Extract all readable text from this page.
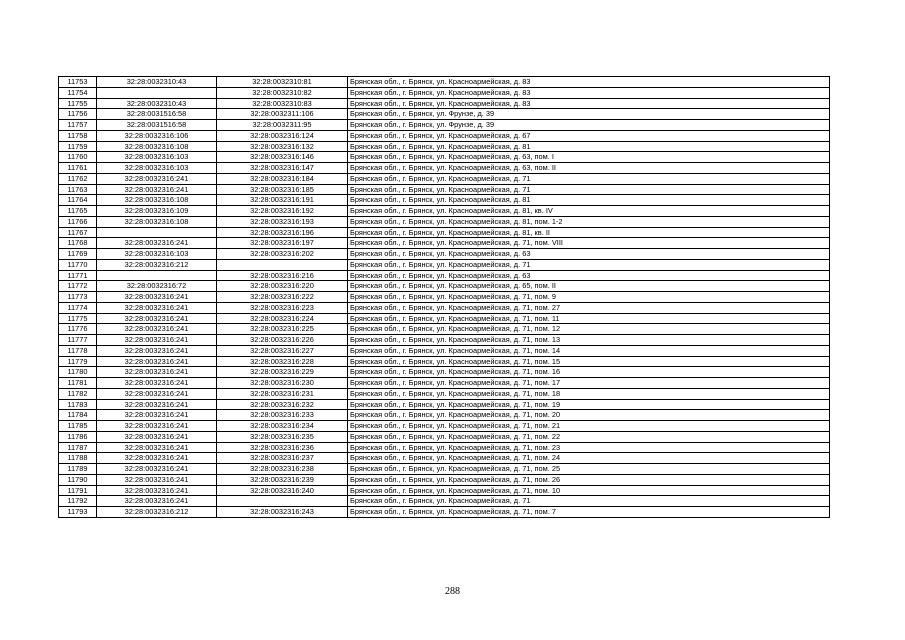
11753	32:28:0032310:43	32:28:0032310:81	Брянская обл., г. Брянск, ул. Красноармейская, д. 83
11754		32:28:0032310:82	Брянская обл., г. Брянск, ул. Красноармейская, д. 83
11755	32:28:0032310:43	32:28:0032310:83	Брянская обл., г. Брянск, ул. Красноармейская, д. 83
11756	32:28:0031516:58	32:28:0032311:106	Брянская обл., г. Брянск, ул. Фрунзе, д. 39
11757	32:28:0031516:58	32:28:0032311:95	Брянская обл., г. Брянск, ул. Фрунзе, д. 39
11758	32:28:0032316:106	32:28:0032316:124	Брянская обл., г. Брянск, ул. Красноармейская, д. 67
11759	32:28:0032316:108	32:28:0032316:132	Брянская обл., г. Брянск, ул. Красноармейская, д. 81
11760	32:28:0032316:103	32:28:0032316:146	Брянская обл., г. Брянск, ул. Красноармейская, д. 63, пом. I
11761	32:28:0032316:103	32:28:0032316:147	Брянская обл., г. Брянск, ул. Красноармейская, д. 63, пом. II
11762	32:28:0032316:241	32:28:0032316:184	Брянская обл., г. Брянск, ул. Красноармейская, д. 71
11763	32:28:0032316:241	32:28:0032316:185	Брянская обл., г. Брянск, ул. Красноармейская, д. 71
11764	32:28:0032316:108	32:28:0032316:191	Брянская обл., г. Брянск, ул. Красноармейская, д. 81
11765	32:28:0032316:109	32:28:0032316:192	Брянская обл., г. Брянск, ул. Красноармейская, д. 81, кв. IV
11766	32:28:0032316:108	32:28:0032316:193	Брянская обл., г. Брянск, ул. Красноармейская, д. 81, пом. 1-2
11767		32:28:0032316:196	Брянская обл., г. Брянск, ул. Красноармейская, д. 81, кв. II
11768	32:28:0032316:241	32:28:0032316:197	Брянская обл., г. Брянск, ул. Красноармейская, д. 71, пом. VIII
11769	32:28:0032316:103	32:28:0032316:202	Брянская обл., г. Брянск, ул. Красноармейская, д. 63
11770	32:28:0032316:212		Брянская обл., г. Брянск, ул. Красноармейская, д. 71
11771		32:28:0032316:216	Брянская обл., г. Брянск, ул. Красноармейская, д. 63
11772	32:28:0032316:72	32:28:0032316:220	Брянская обл., г. Брянск, ул. Красноармейская, д. 65, пом. II
11773	32:28:0032316:241	32:28:0032316:222	Брянская обл., г. Брянск, ул. Красноармейская, д. 71, пом. 9
11774	32:28:0032316:241	32:28:0032316:223	Брянская обл., г. Брянск, ул. Красноармейская, д. 71, пом. 27
11775	32:28:0032316:241	32:28:0032316:224	Брянская обл., г. Брянск, ул. Красноармейская, д. 71, пом. 11
11776	32:28:0032316:241	32:28:0032316:225	Брянская обл., г. Брянск, ул. Красноармейская, д. 71, пом. 12
11777	32:28:0032316:241	32:28:0032316:226	Брянская обл., г. Брянск, ул. Красноармейская, д. 71, пом. 13
11778	32:28:0032316:241	32:28:0032316:227	Брянская обл., г. Брянск, ул. Красноармейская, д. 71, пом. 14
11779	32:28:0032316:241	32:28:0032316:228	Брянская обл., г. Брянск, ул. Красноармейская, д. 71, пом. 15
11780	32:28:0032316:241	32:28:0032316:229	Брянская обл., г. Брянск, ул. Красноармейская, д. 71, пом. 16
11781	32:28:0032316:241	32:28:0032316:230	Брянская обл., г. Брянск, ул. Красноармейская, д. 71, пом. 17
11782	32:28:0032316:241	32:28:0032316:231	Брянская обл., г. Брянск, ул. Красноармейская, д. 71, пом. 18
11783	32:28:0032316:241	32:28:0032316:232	Брянская обл., г. Брянск, ул. Красноармейская, д. 71, пом. 19
11784	32:28:0032316:241	32:28:0032316:233	Брянская обл., г. Брянск, ул. Красноармейская, д. 71, пом. 20
11785	32:28:0032316:241	32:28:0032316:234	Брянская обл., г. Брянск, ул. Красноармейская, д. 71, пом. 21
11786	32:28:0032316:241	32:28:0032316:235	Брянская обл., г. Брянск, ул. Красноармейская, д. 71, пом. 22
11787	32:28:0032316:241	32:28:0032316:236	Брянская обл., г. Брянск, ул. Красноармейская, д. 71, пом. 23
11788	32:28:0032316:241	32:28:0032316:237	Брянская обл., г. Брянск, ул. Красноармейская, д. 71, пом. 24
11789	32:28:0032316:241	32:28:0032316:238	Брянская обл., г. Брянск, ул. Красноармейская, д. 71, пом. 25
11790	32:28:0032316:241	32:28:0032316:239	Брянская обл., г. Брянск, ул. Красноармейская, д. 71, пом. 26
11791	32:28:0032316:241	32:28:0032316:240	Брянская обл., г. Брянск, ул. Красноармейская, д. 71, пом. 10
11792	32:28:0032316:241		Брянская обл., г. Брянск, ул. Красноармейская, д. 71
11793	32:28:0032316:212	32:28:0032316:243	Брянская обл., г. Брянск, ул. Красноармейская, д. 71, пом. 7
288
